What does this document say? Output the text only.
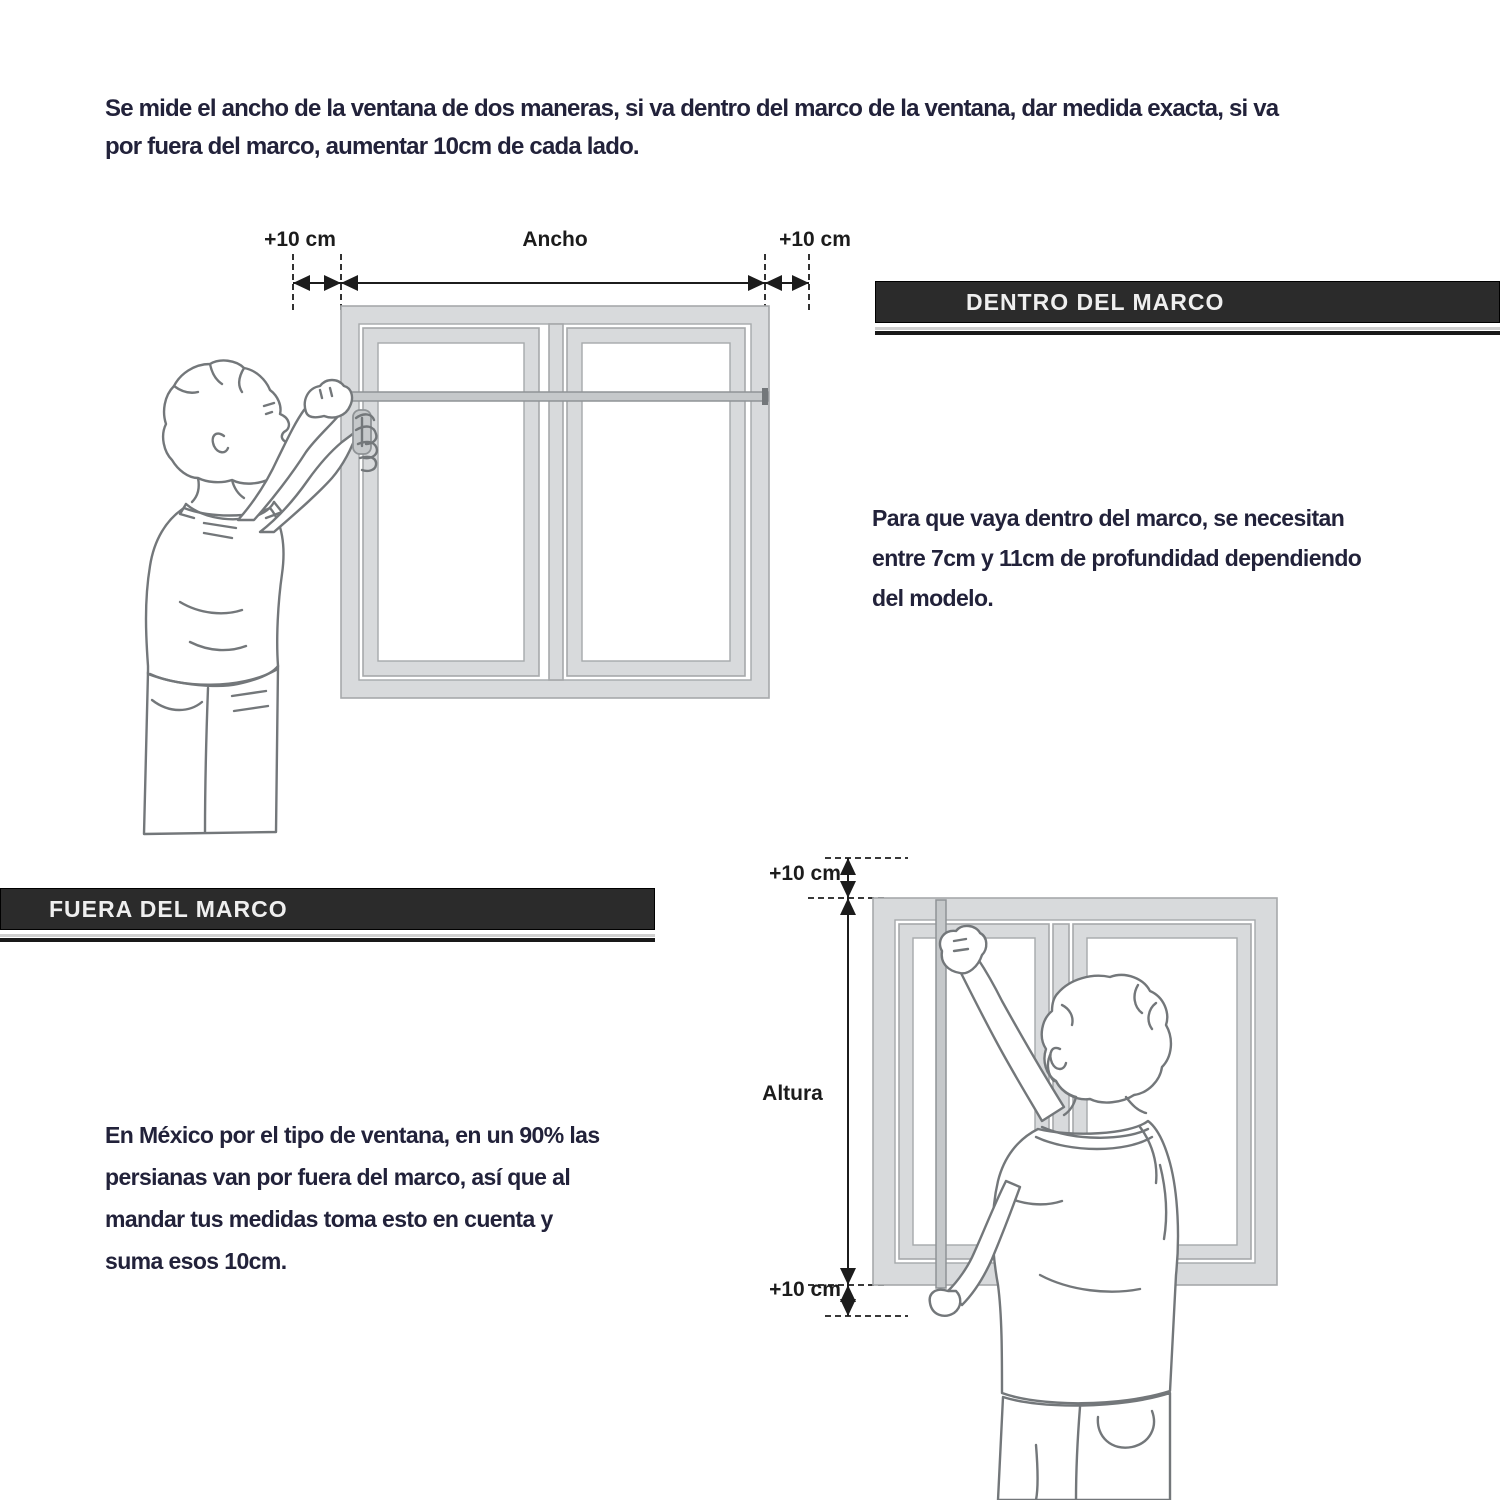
Se mide el ancho de la ventana de dos maneras, si va dentro del marco de la ventana, dar medida exacta, si va
por fuera del marco, aumentar 10cm de cada lado.
+10 cm	Ancho	+10 cm
DENTRO DEL MARCO
Para que vaya dentro del marco, se necesitan
entre 7cm y 11cm de profundidad dependiendo
del modelo.
FUERA DEL MARCO
En México por el tipo de ventana, en un 90% las
persianas van por fuera del marco, así que al
mandar tus medidas toma esto en cuenta y
suma esos 10cm.
+10 cm
Altura
+10 cm
